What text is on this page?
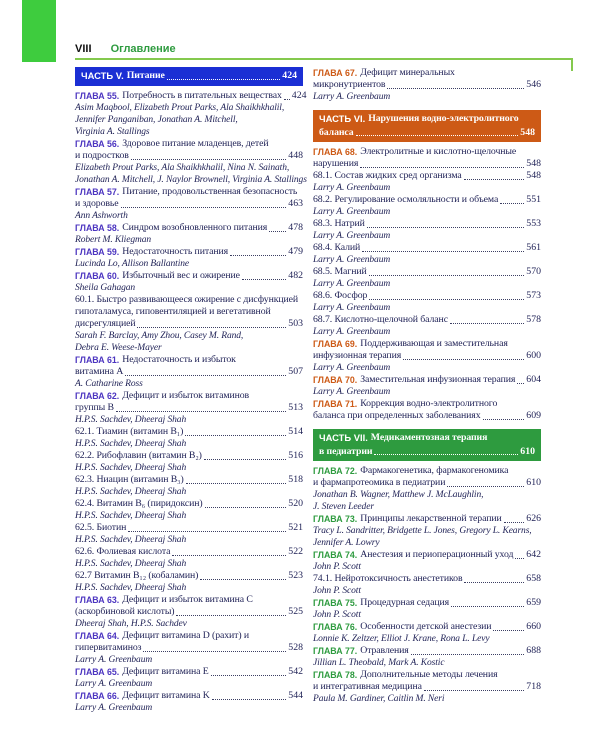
VIII Оглавление
ЧАСТЬ V. Питание	424
ГЛАВА 55. Потребность в питательных веществах 424
Asim Maqbool, Elizabeth Prout Parks, Ala Shaikhkhalil,
Jennifer Panganiban, Jonathan A. Mitchell,
Virginia A. Stallings
ГЛАВА 56. Здоровое питание младенцев, детей
и подростков	448
Elizabeth Prout Parks, Ala Shaikhkhalil, Nina N. Sainath,
Jonathan A. Mitchell, J. Naylor Brownell, Virginia A. Stallings
ГЛАВА 57. Питание, продовольственная безопасность
и здоровье	463
Ann Ashworth
ГЛАВА 58. Синдром возобновленного питания 478
Robert M. Kliegman
ГЛАВА 59. Недостаточность питания	479
Lucinda Lo, Allison Ballantine
ГЛАВА 60. Избыточный вес и ожирение	482
Sheila Gahagan
60.1. Быстро развивающееся ожирение с дисфункцией
гипоталамуса, гиповентиляцией и вегетативной
дисрегуляцией	503
Sarah F. Barclay, Amy Zhou, Casey M. Rand,
Debra E. Weese-Mayer
ГЛАВА 61. Недостаточность и избыток
витамина A	507
A. Catharine Ross
ГЛАВА 62. Дефицит и избыток витаминов
группы B	513
H.P.S. Sachdev, Dheeraj Shah
62.1. Тиамин (витамин B₁)	514
H.P.S. Sachdev, Dheeraj Shah
62.2. Рибофлавин (витамин B₂)	516
H.P.S. Sachdev, Dheeraj Shah
62.3. Ниацин (витамин B₃)	518
H.P.S. Sachdev, Dheeraj Shah
62.4. Витамин B₆ (пиридоксин)	520
H.P.S. Sachdev, Dheeraj Shah
62.5. Биотин	521
H.P.S. Sachdev, Dheeraj Shah
62.6. Фолиевая кислота	522
H.P.S. Sachdev, Dheeraj Shah
62.7 Витамин B₁₂ (кобаламин)	523
H.P.S. Sachdev, Dheeraj Shah
ГЛАВА 63. Дефицит и избыток витамина C
(аскорбиновой кислоты)	525
Dheeraj Shah, H.P.S. Sachdev
ГЛАВА 64. Дефицит витамина D (рахит) и
гипервитаминоз	528
Larry A. Greenbaum
ГЛАВА 65. Дефицит витамина E	542
Larry A. Greenbaum
ГЛАВА 66. Дефицит витамина K	544
Larry A. Greenbaum
ГЛАВА 67. Дефицит минеральных
микронутриентов	546
Larry A. Greenbaum
ЧАСТЬ VI. Нарушения водно-электролитного
баланса	548
ГЛАВА 68. Электролитные и кислотно-щелочные
нарушения	548
68.1. Состав жидких сред организма	548
Larry A. Greenbaum
68.2. Регулирование осмоляльности и объема	551
Larry A. Greenbaum
68.3. Натрий	553
Larry A. Greenbaum
68.4. Калий	561
Larry A. Greenbaum
68.5. Магний	570
Larry A. Greenbaum
68.6. Фосфор	573
Larry A. Greenbaum
68.7. Кислотно-щелочной баланс	578
Larry A. Greenbaum
ГЛАВА 69. Поддерживающая и заместительная
инфузионная терапия	600
Larry A. Greenbaum
ГЛАВА 70. Заместительная инфузионная терапия 604
Larry A. Greenbaum
ГЛАВА 71. Коррекция водно-электролитного
баланса при определенных заболеваниях	609
ЧАСТЬ VII. Медикаментозная терапия
в педиатрии	610
ГЛАВА 72. Фармакогенетика, фармакогеномика
и фармапротеомика в педиатрии	610
Jonathan B. Wagner, Matthew J. McLaughlin,
J. Steven Leeder
ГЛАВА 73. Принципы лекарственной терапии	626
Tracy L. Sandritter, Bridgette L. Jones, Gregory L. Kearns,
Jennifer A. Lowry
ГЛАВА 74. Анестезия и периоперационный уход 642
John P. Scott
74.1. Нейротоксичность анестетиков	658
John P. Scott
ГЛАВА 75. Процедурная седация	659
John P. Scott
ГЛАВА 76. Особенности детской анестезии	660
Lonnie K. Zeltzer, Elliot J. Krane, Rona L. Levy
ГЛАВА 77. Отравления	688
Jillian L. Theobald, Mark A. Kostic
ГЛАВА 78. Дополнительные методы лечения
и интегративная медицина	718
Paula M. Gardiner, Caitlin M. Neri
